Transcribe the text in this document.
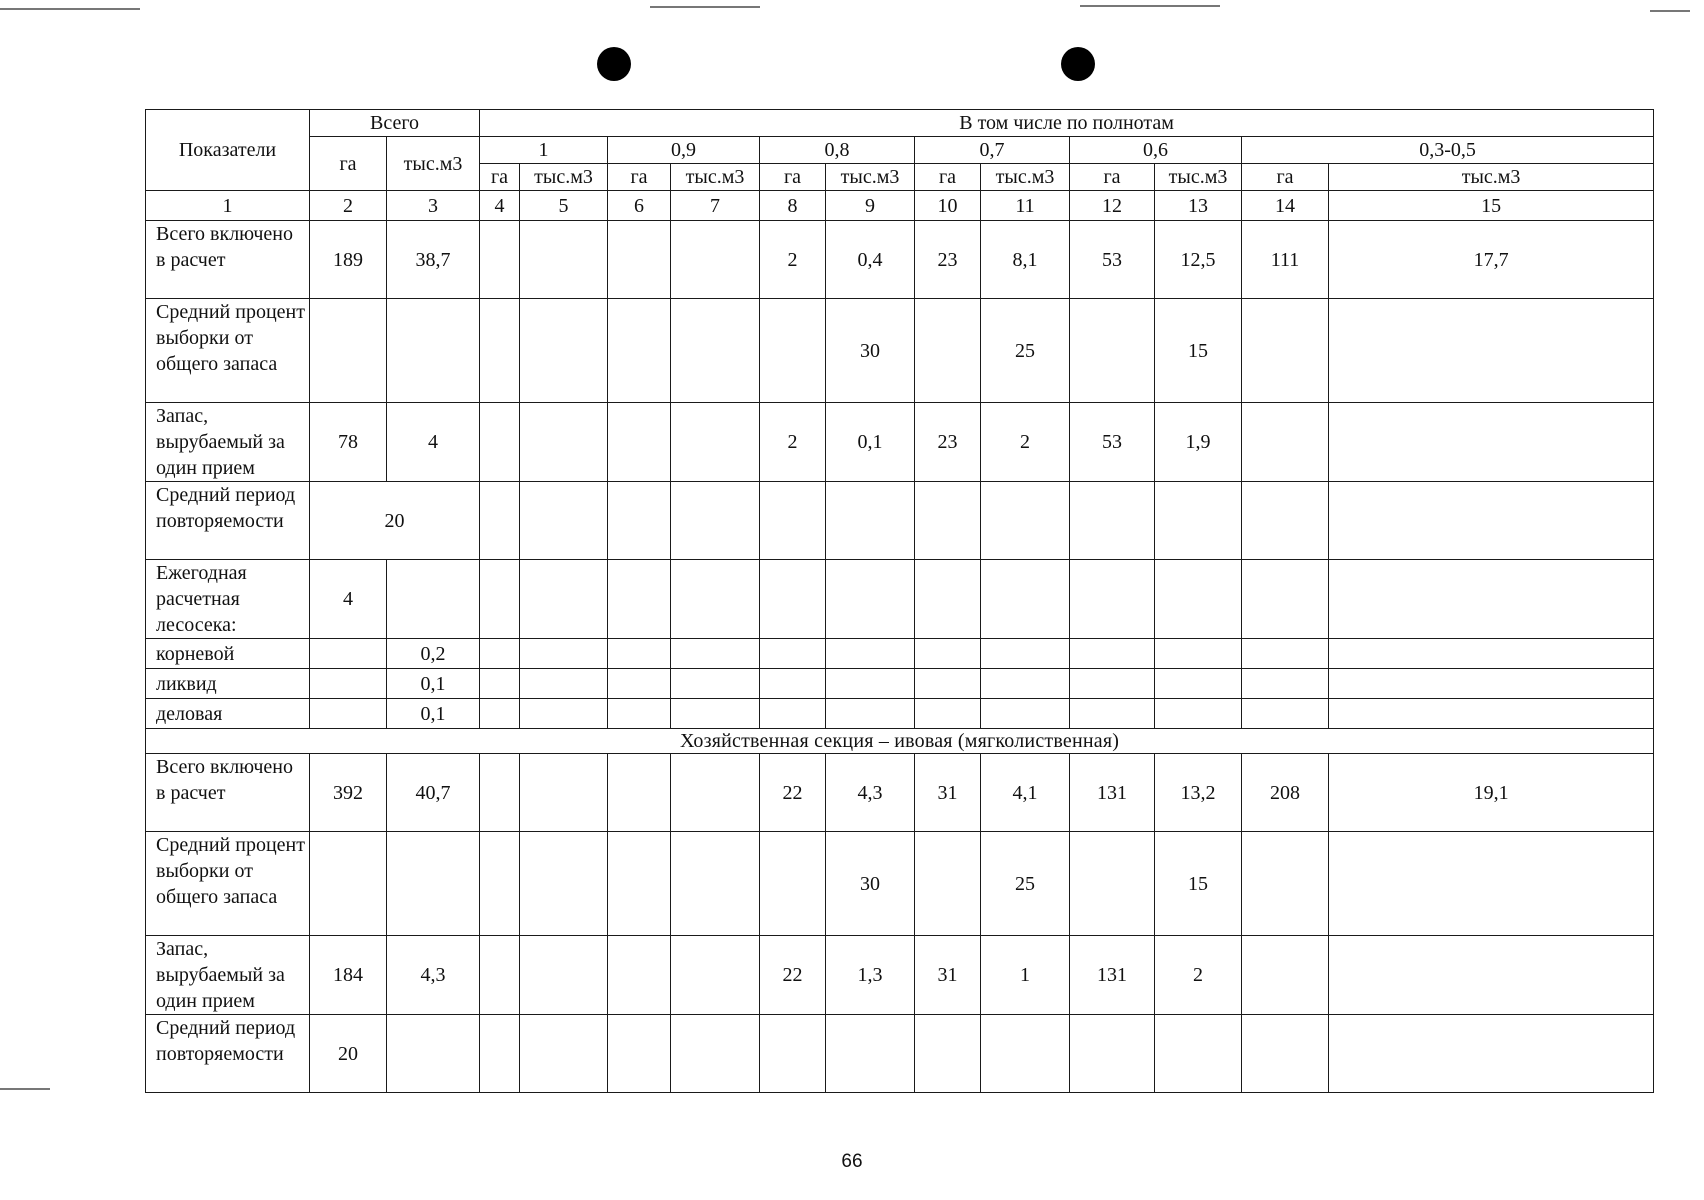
Показатели	Всего		В том числе по полнотам											
	га	тыс.м3	1		0,9		0,8		0,7		0,6		0,3-0,5	
			га	тыс.м3	га	тыс.м3	га	тыс.м3	га	тыс.м3	га	тыс.м3	га	тыс.м3
1	2	3	4	5	6	7	8	9	10	11	12	13	14	15
Всего включено в расчет	189	38,7					2	0,4	23	8,1	53	12,5	111	17,7
Средний процент выборки от общего запаса								30		25		15		
Запас, вырубаемый за один прием	78	4					2	0,1	23	2	53	1,9		
Средний период повторяемости	20													
Ежегодная расчетная лесосека:	4													
корневой		0,2												
ликвид		0,1												
деловая		0,1												
Хозяйственная секция – ивовая (мягколиственная)														
Всего включено в расчет	392	40,7					22	4,3	31	4,1	131	13,2	208	19,1
Средний процент выборки от общего запаса								30		25		15		
Запас, вырубаемый за один прием	184	4,3					22	1,3	31	1	131	2		
Средний период повторяемости	20													
66
